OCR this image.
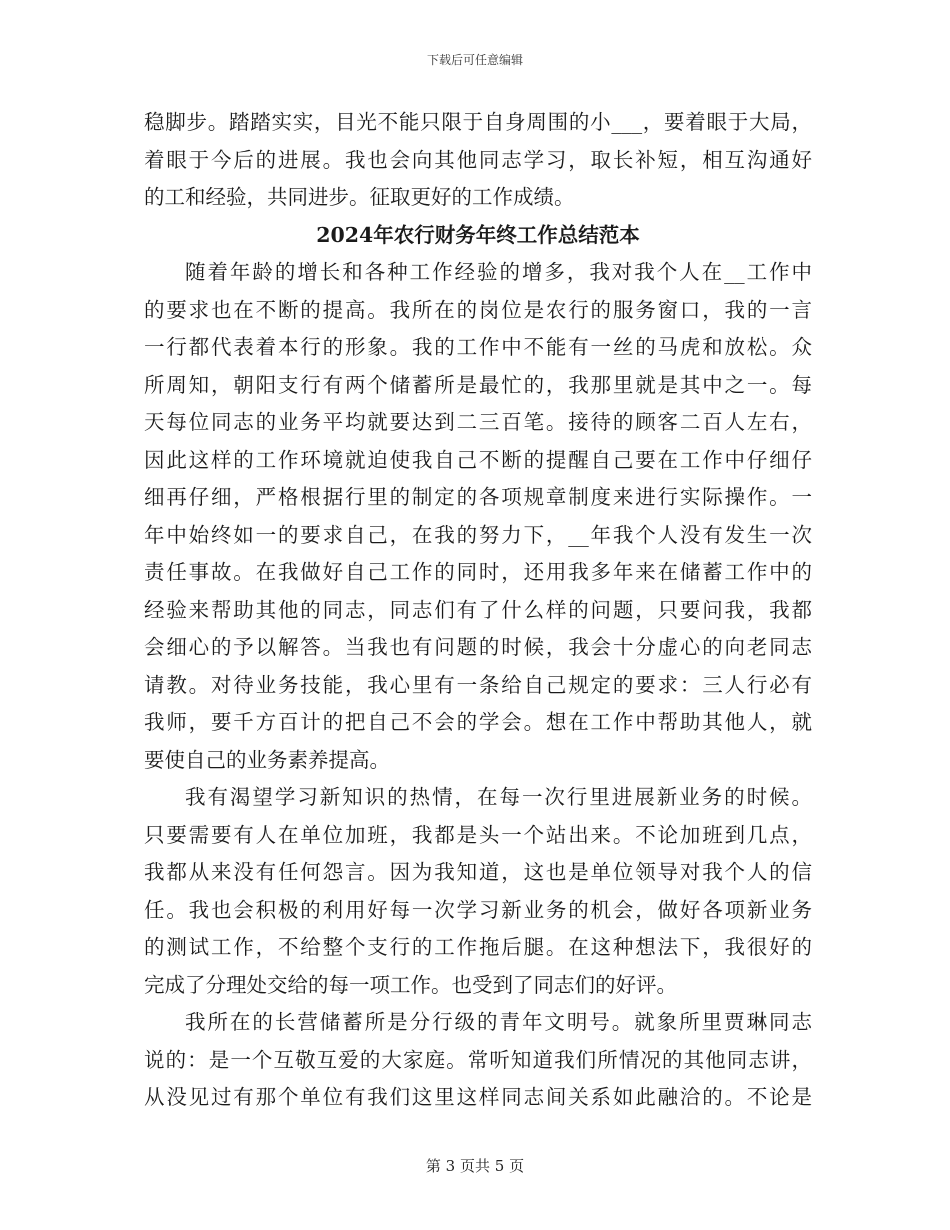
下载后可任意编辑
稳脚步。踏踏实实，目光不能只限于自身周围的小___，要着眼于大局，
着眼于今后的进展。我也会向其他同志学习，取长补短，相互沟通好
的工和经验，共同进步。征取更好的工作成绩。
2024年农行财务年终工作总结范本
随着年龄的增长和各种工作经验的增多，我对我个人在__工作中
的要求也在不断的提高。我所在的岗位是农行的服务窗口，我的一言
一行都代表着本行的形象。我的工作中不能有一丝的马虎和放松。众
所周知，朝阳支行有两个储蓄所是最忙的，我那里就是其中之一。每
天每位同志的业务平均就要达到二三百笔。接待的顾客二百人左右，
因此这样的工作环境就迫使我自己不断的提醒自己要在工作中仔细仔
细再仔细，严格根据行里的制定的各项规章制度来进行实际操作。一
年中始终如一的要求自己，在我的努力下，__年我个人没有发生一次
责任事故。在我做好自己工作的同时，还用我多年来在储蓄工作中的
经验来帮助其他的同志，同志们有了什么样的问题，只要问我，我都
会细心的予以解答。当我也有问题的时候，我会十分虚心的向老同志
请教。对待业务技能，我心里有一条给自己规定的要求：三人行必有
我师，要千方百计的把自己不会的学会。想在工作中帮助其他人，就
要使自己的业务素养提高。
我有渴望学习新知识的热情，在每一次行里进展新业务的时候。
只要需要有人在单位加班，我都是头一个站出来。不论加班到几点，
我都从来没有任何怨言。因为我知道，这也是单位领导对我个人的信
任。我也会积极的利用好每一次学习新业务的机会，做好各项新业务
的测试工作，不给整个支行的工作拖后腿。在这种想法下，我很好的
完成了分理处交给的每一项工作。也受到了同志们的好评。
我所在的长营储蓄所是分行级的青年文明号。就象所里贾琳同志
说的：是一个互敬互爱的大家庭。常听知道我们所情况的其他同志讲，
从没见过有那个单位有我们这里这样同志间关系如此融洽的。不论是
第 3 页共 5 页
